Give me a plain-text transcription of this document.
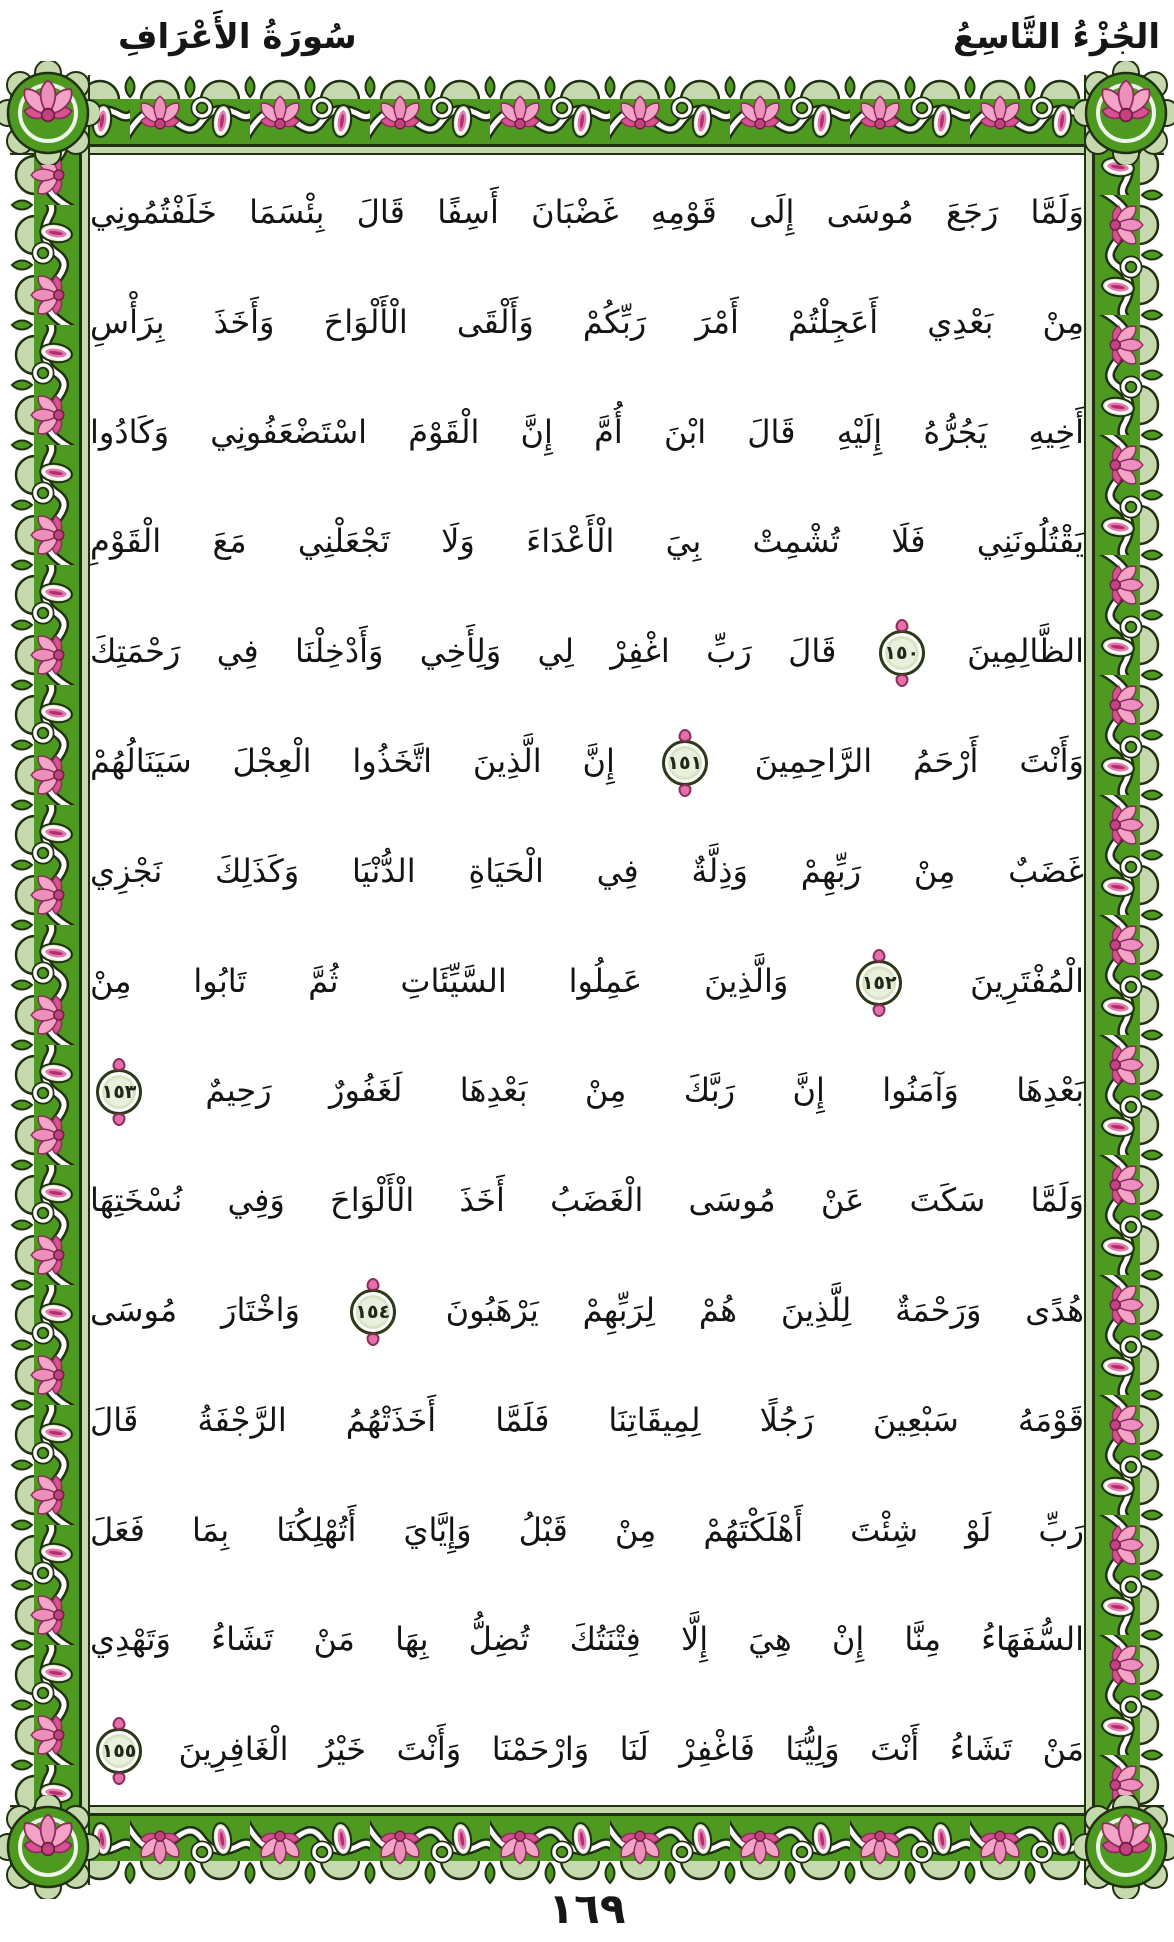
الجُزْءُ التَّاسِعُ
سُورَةُ الأَعْرَافِ
وَلَمَّا رَجَعَ مُوسَى إِلَى قَوْمِهِ غَضْبَانَ أَسِفًا قَالَ بِئْسَمَا خَلَفْتُمُونِي
مِنْ بَعْدِي أَعَجِلْتُمْ أَمْرَ رَبِّكُمْ وَأَلْقَى الْأَلْوَاحَ وَأَخَذَ بِرَأْسِ
أَخِيهِ يَجُرُّهُ إِلَيْهِ قَالَ ابْنَ أُمَّ إِنَّ الْقَوْمَ اسْتَضْعَفُونِي وَكَادُوا
يَقْتُلُونَنِي فَلَا تُشْمِتْ بِيَ الْأَعْدَاءَ وَلَا تَجْعَلْنِي مَعَ الْقَوْمِ
الظَّالِمِينَ
١٥٠
قَالَ رَبِّ اغْفِرْ لِي وَلِأَخِي وَأَدْخِلْنَا فِي رَحْمَتِكَ
وَأَنْتَ أَرْحَمُ الرَّاحِمِينَ
١٥١
إِنَّ الَّذِينَ اتَّخَذُوا الْعِجْلَ سَيَنَالُهُمْ
غَضَبٌ مِنْ رَبِّهِمْ وَذِلَّةٌ فِي الْحَيَاةِ الدُّنْيَا وَكَذَلِكَ نَجْزِي
الْمُفْتَرِينَ
١٥٢
وَالَّذِينَ عَمِلُوا السَّيِّئَاتِ ثُمَّ تَابُوا مِنْ
بَعْدِهَا وَآمَنُوا إِنَّ رَبَّكَ مِنْ بَعْدِهَا لَغَفُورٌ رَحِيمٌ
١٥٣
وَلَمَّا سَكَتَ عَنْ مُوسَى الْغَضَبُ أَخَذَ الْأَلْوَاحَ وَفِي نُسْخَتِهَا
هُدًى وَرَحْمَةٌ لِلَّذِينَ هُمْ لِرَبِّهِمْ يَرْهَبُونَ
١٥٤
وَاخْتَارَ مُوسَى
قَوْمَهُ سَبْعِينَ رَجُلًا لِمِيقَاتِنَا فَلَمَّا أَخَذَتْهُمُ الرَّجْفَةُ قَالَ
رَبِّ لَوْ شِئْتَ أَهْلَكْتَهُمْ مِنْ قَبْلُ وَإِيَّايَ أَتُهْلِكُنَا بِمَا فَعَلَ
السُّفَهَاءُ مِنَّا إِنْ هِيَ إِلَّا فِتْنَتُكَ تُضِلُّ بِهَا مَنْ تَشَاءُ وَتَهْدِي
مَنْ تَشَاءُ أَنْتَ وَلِيُّنَا فَاغْفِرْ لَنَا وَارْحَمْنَا وَأَنْتَ خَيْرُ الْغَافِرِينَ
١٥٥
١٦٩
